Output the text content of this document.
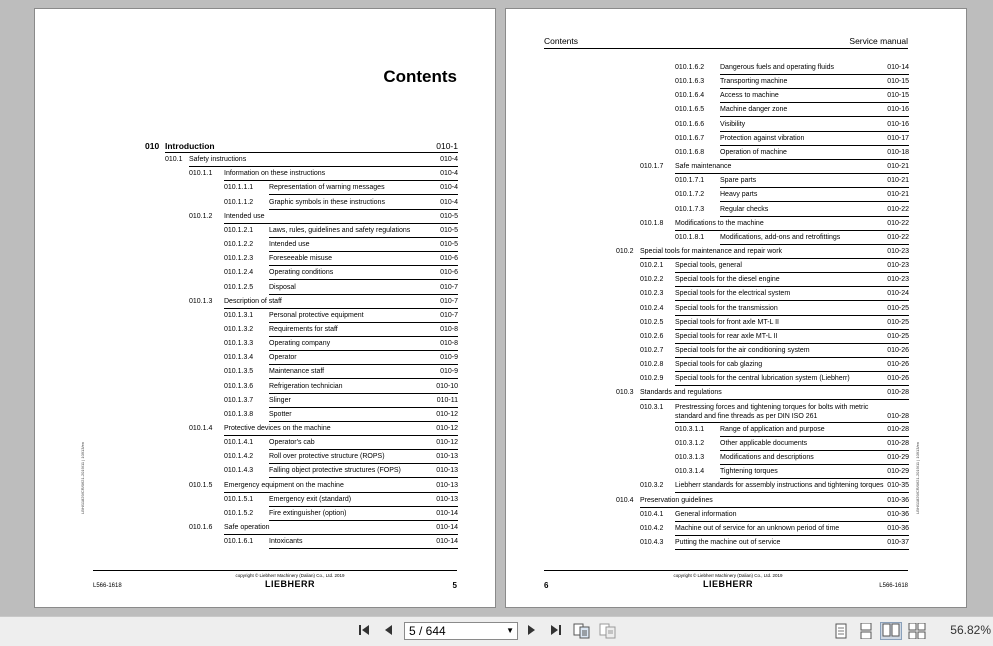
Contents
010 Introduction	010-1
010.1 Safety instructions	010-4
010.1.1 Information on these instructions	010-4
010.1.1.1 Representation of warning messages	010-4
010.1.1.2 Graphic symbols in these instructions	010-4
010.1.2 Intended use	010-5
010.1.2.1 Laws, rules, guidelines and safety regulations	010-5
010.1.2.2 Intended use	010-5
010.1.2.3 Foreseeable misuse	010-6
010.1.2.4 Operating conditions	010-6
010.1.2.5 Disposal	010-7
010.1.3 Description of staff	010-7
010.1.3.1 Personal protective equipment	010-7
010.1.3.2 Requirements for staff	010-8
010.1.3.3 Operating company	010-8
010.1.3.4 Operator	010-9
010.1.3.5 Maintenance staff	010-9
010.1.3.6 Refrigeration technician	010-10
010.1.3.7 Slinger	010-11
010.1.3.8 Spotter	010-12
010.1.4 Protective devices on the machine	010-12
010.1.4.1 Operator's cab	010-12
010.1.4.2 Roll over protective structure (ROPS)	010-13
010.1.4.3 Falling object protective structures (FOPS)	010-13
010.1.5 Emergency equipment on the machine	010-13
010.1.5.1 Emergency exit (standard)	010-13
010.1.5.2 Fire extinguisher (option)	010-14
010.1.6 Safe operation	010-14
010.1.6.1 Intoxicants	010-14
LBH/11829/CR/0621-2019/11 | 10913/en
copyright © Liebherr Machinery (Dalian) Co., Ltd. 2019
LIEBHERR
L566-1618	5
Contents	Service manual
010.1.6.2 Dangerous fuels and operating fluids	010-14
010.1.6.3 Transporting machine	010-15
010.1.6.4 Access to machine	010-15
010.1.6.5 Machine danger zone	010-16
010.1.6.6 Visibility	010-16
010.1.6.7 Protection against vibration	010-17
010.1.6.8 Operation of machine	010-18
010.1.7 Safe maintenance	010-21
010.1.7.1 Spare parts	010-21
010.1.7.2 Heavy parts	010-21
010.1.7.3 Regular checks	010-22
010.1.8 Modifications to the machine	010-22
010.1.8.1 Modifications, add-ons and retrofittings	010-22
010.2 Special tools for maintenance and repair work	010-23
010.2.1 Special tools, general	010-23
010.2.2 Special tools for the diesel engine	010-23
010.2.3 Special tools for the electrical system	010-24
010.2.4 Special tools for the transmission	010-25
010.2.5 Special tools for front axle MT-L II	010-25
010.2.6 Special tools for rear axle MT-L II	010-25
010.2.7 Special tools for the air conditioning system	010-26
010.2.8 Special tools for cab glazing	010-26
010.2.9 Special tools for the central lubrication system (Liebherr)	010-26
010.3 Standards and regulations	010-28
010.3.1 Prestressing forces and tightening torques for bolts with metric standard and fine threads as per DIN ISO 261	010-28
010.3.1.1 Range of application and purpose	010-28
010.3.1.2 Other applicable documents	010-28
010.3.1.3 Modifications and descriptions	010-29
010.3.1.4 Tightening torques	010-29
010.3.2 Liebherr standards for assembly instructions and tightening torques 010-35
010.4 Preservation guidelines	010-36
010.4.1 General information	010-36
010.4.2 Machine out of service for an unknown period of time	010-36
010.4.3 Putting the machine out of service	010-37
LBH/11829/CR/0621-2019/11 | 10913/en
copyright © Liebherr Machinery (Dalian) Co., Ltd. 2019
LIEBHERR
6	L566-1618
5 / 644	▼	56.82%
